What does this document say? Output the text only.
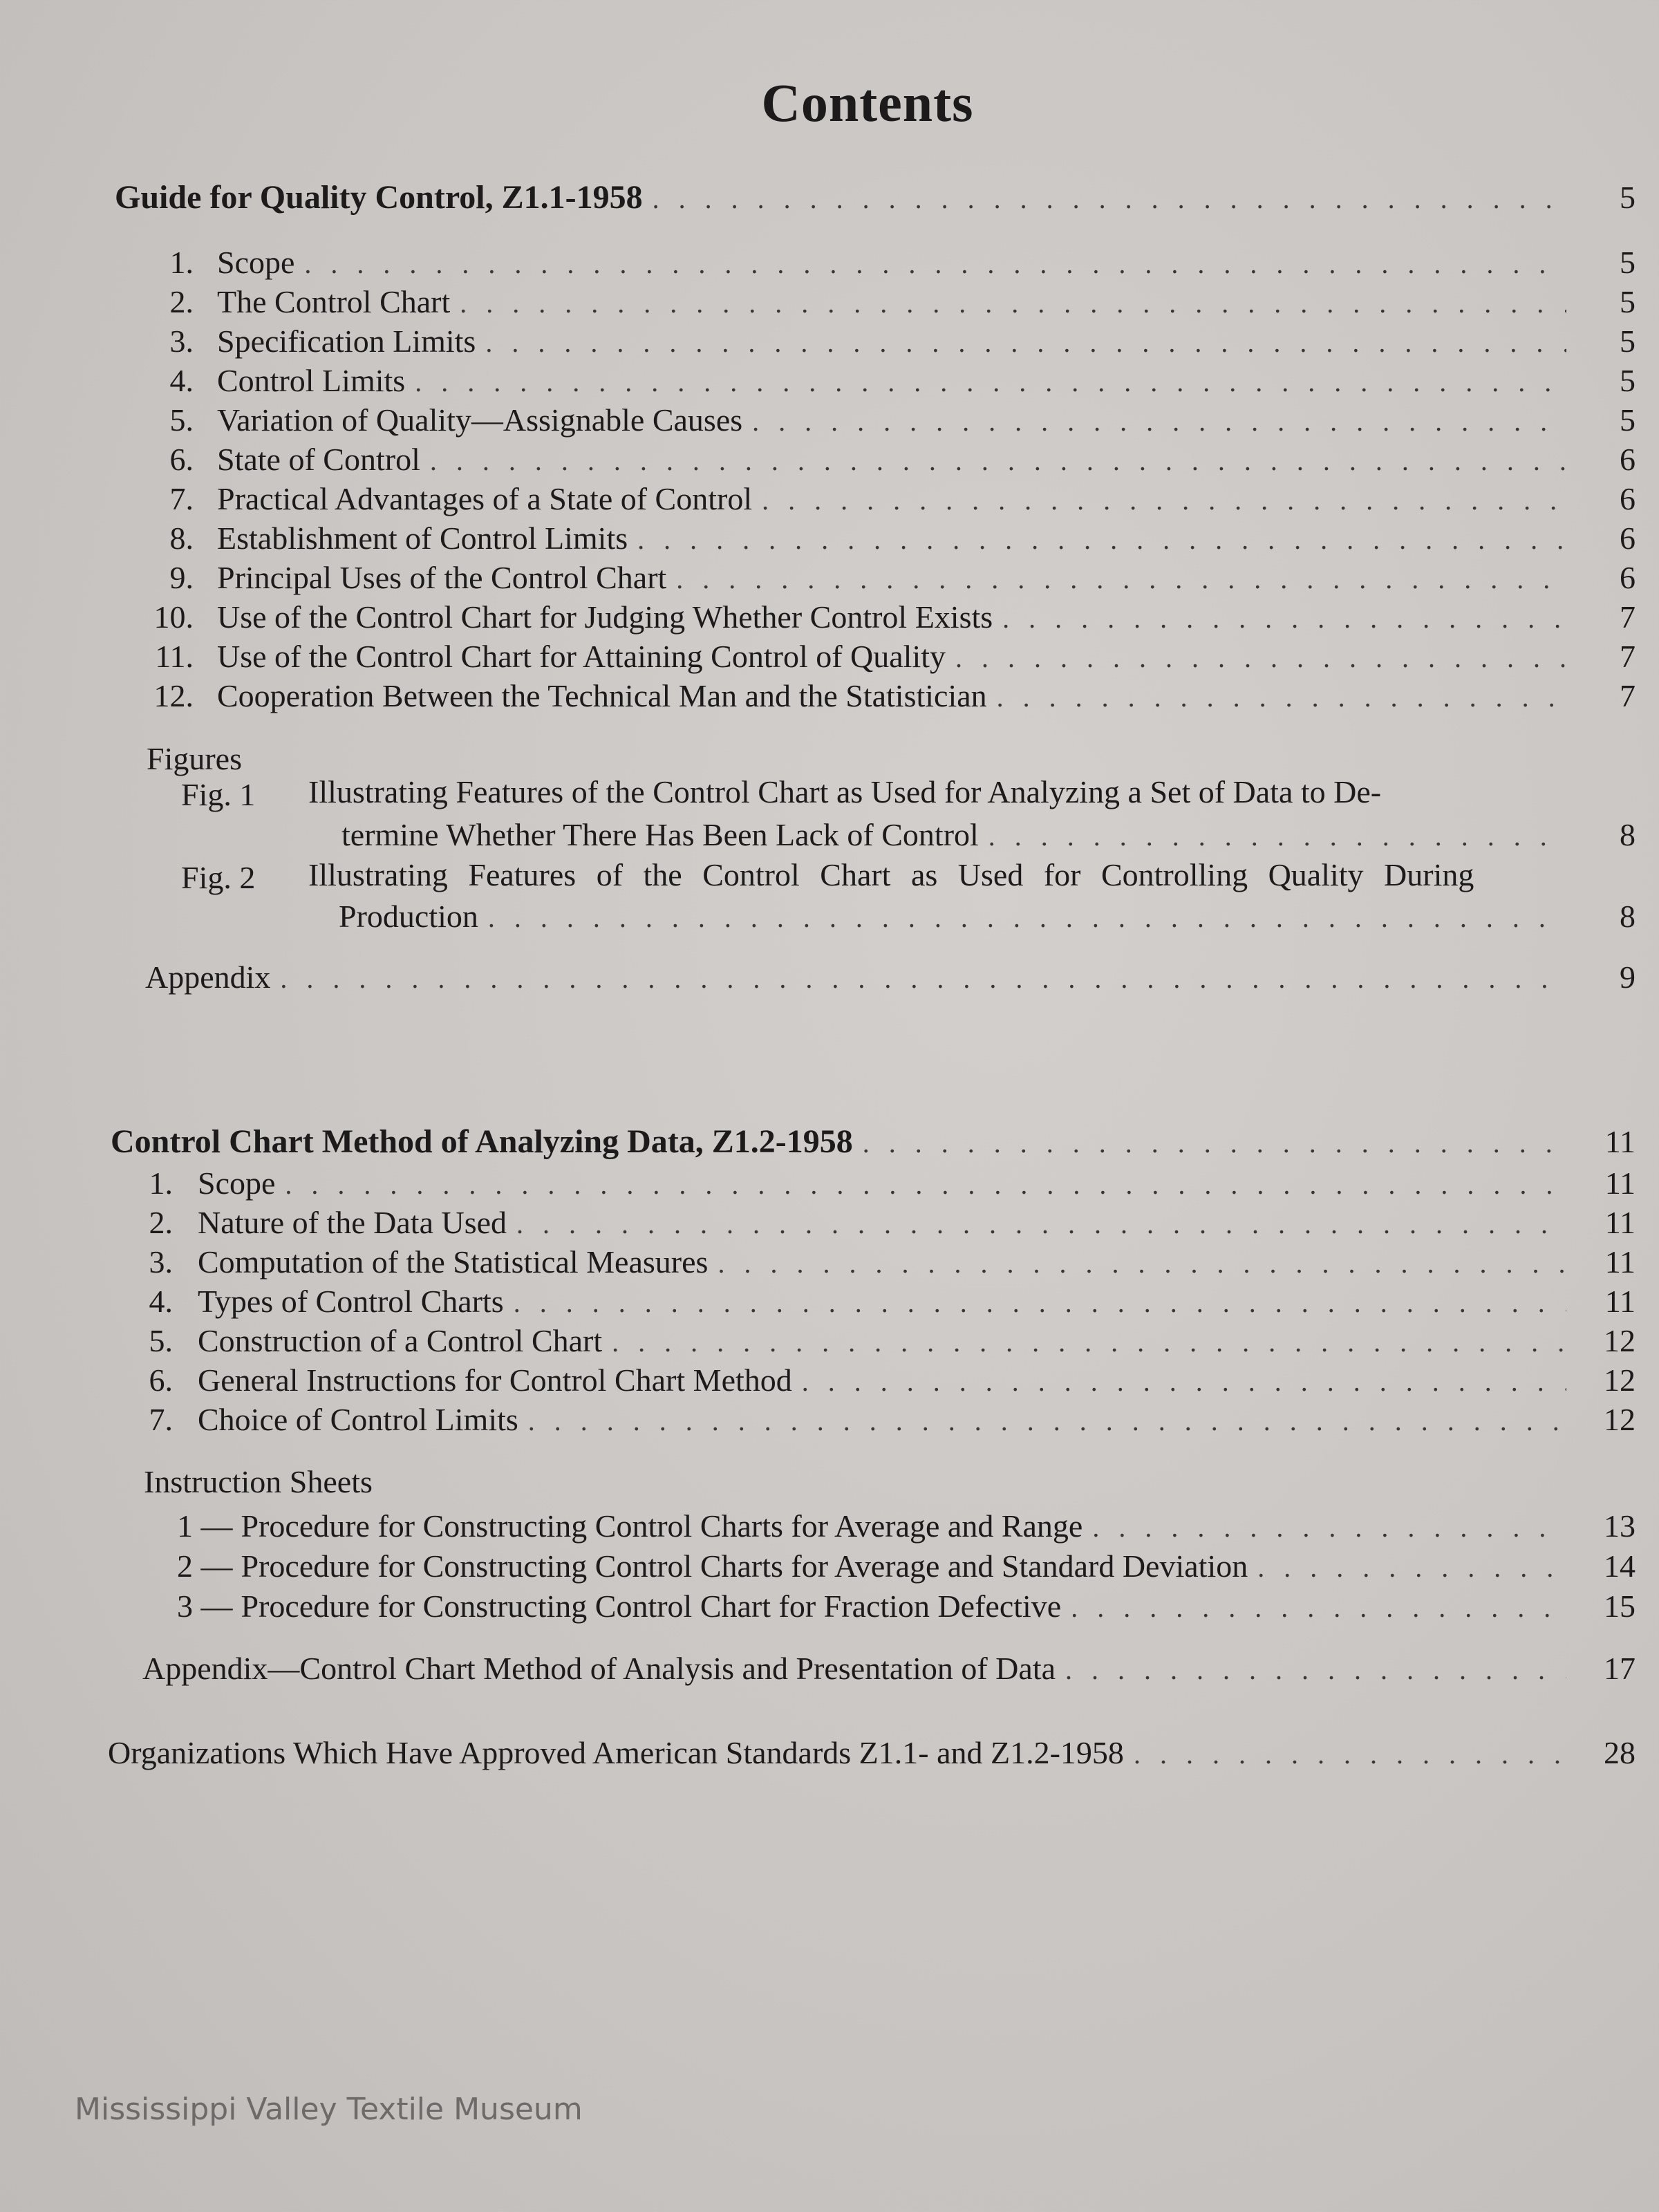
Contents
Guide for Quality Control, Z1.1-1958 . . .	5
1. Scope . . .	5
2. The Control Chart . . .	5
3. Specification Limits . . .	5
4. Control Limits . . .	5
5. Variation of Quality—Assignable Causes . . .	5
6. State of Control . . .	6
7. Practical Advantages of a State of Control . . .	6
8. Establishment of Control Limits . . .	6
9. Principal Uses of the Control Chart . . .	6
10. Use of the Control Chart for Judging Whether Control Exists . . .	7
11. Use of the Control Chart for Attaining Control of Quality . . .	7
12. Cooperation Between the Technical Man and the Statistician . . .	7
Figures
Fig. 1 Illustrating Features of the Control Chart as Used for Analyzing a Set of Data to De-
termine Whether There Has Been Lack of Control . . .	8
Fig. 2 Illustrating Features of the Control Chart as Used for Controlling Quality During
Production . . .	8
Appendix . . .	9
Control Chart Method of Analyzing Data, Z1.2-1958 . . .	11
1. Scope . . .	11
2. Nature of the Data Used . . .	11
3. Computation of the Statistical Measures . . .	11
4. Types of Control Charts . . .	11
5. Construction of a Control Chart . . .	12
6. General Instructions for Control Chart Method . . .	12
7. Choice of Control Limits . . .	12
Instruction Sheets
1 — Procedure for Constructing Control Charts for Average and Range . . .	13
2 — Procedure for Constructing Control Charts for Average and Standard Deviation . . .	14
3 — Procedure for Constructing Control Chart for Fraction Defective . . .	15
Appendix—Control Chart Method of Analysis and Presentation of Data . . .	17
Organizations Which Have Approved American Standards Z1.1- and Z1.2-1958 . . .	28
Mississippi Valley Textile Museum
